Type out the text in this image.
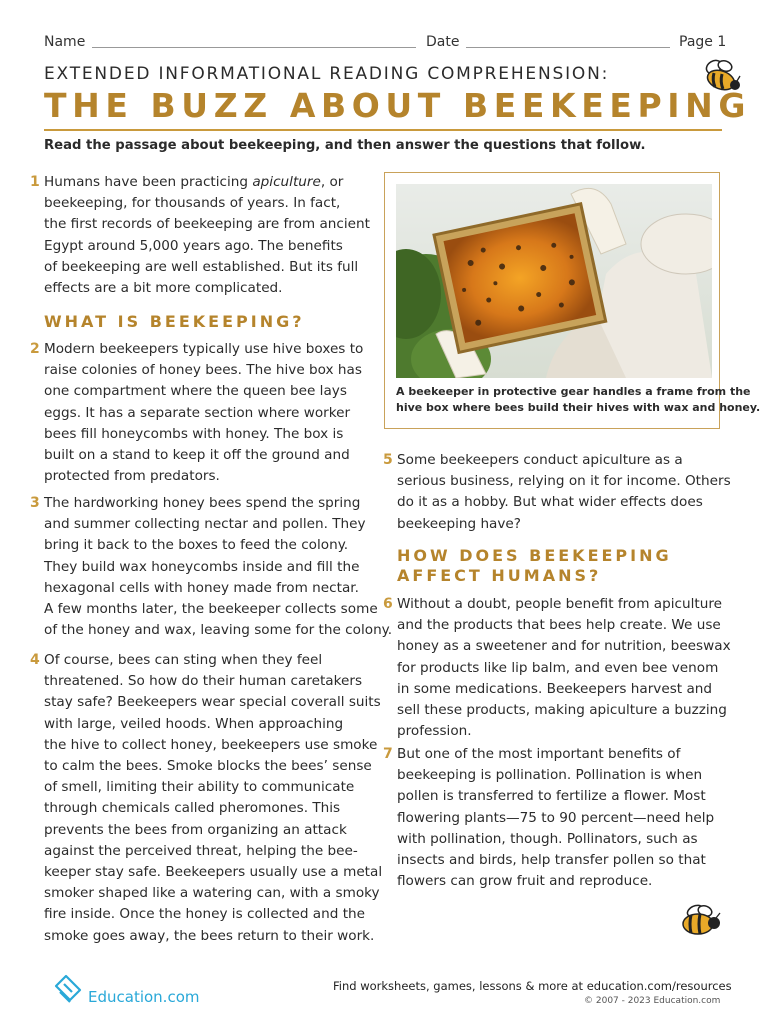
Name	Date	Page 1
EXTENDED INFORMATIONAL READING COMPREHENSION:
THE BUZZ ABOUT BEEKEEPING
Read the passage about beekeeping, and then answer the questions that follow.
1 Humans have been practicing apiculture, or
beekeeping, for thousands of years. In fact,
the first records of beekeeping are from ancient
Egypt around 5,000 years ago. The benefits
of beekeeping are well established. But its full
effects are a bit more complicated.
WHAT IS BEEKEEPING?
2 Modern beekeepers typically use hive boxes to
raise colonies of honey bees. The hive box has
one compartment where the queen bee lays
eggs. It has a separate section where worker
bees fill honeycombs with honey. The box is
built on a stand to keep it off the ground and
protected from predators.
3 The hardworking honey bees spend the spring
and summer collecting nectar and pollen. They
bring it back to the boxes to feed the colony.
They build wax honeycombs inside and fill the
hexagonal cells with honey made from nectar.
A few months later, the beekeeper collects some
of the honey and wax, leaving some for the colony.
4 Of course, bees can sting when they feel
threatened. So how do their human caretakers
stay safe? Beekeepers wear special coverall suits
with large, veiled hoods. When approaching
the hive to collect honey, beekeepers use smoke
to calm the bees. Smoke blocks the bees’ sense
of smell, limiting their ability to communicate
through chemicals called pheromones. This
prevents the bees from organizing an attack
against the perceived threat, helping the bee-
keeper stay safe. Beekeepers usually use a metal
smoker shaped like a watering can, with a smoky
fire inside. Once the honey is collected and the
smoke goes away, the bees return to their work.
A beekeeper in protective gear handles a frame from the
hive box where bees build their hives with wax and honey.
5 Some beekeepers conduct apiculture as a
serious business, relying on it for income. Others
do it as a hobby. But what wider effects does
beekeeping have?
HOW DOES BEEKEEPING
AFFECT HUMANS?
6 Without a doubt, people benefit from apiculture
and the products that bees help create. We use
honey as a sweetener and for nutrition, beeswax
for products like lip balm, and even bee venom
in some medications. Beekeepers harvest and
sell these products, making apiculture a buzzing
profession.
7 But one of the most important benefits of
beekeeping is pollination. Pollination is when
pollen is transferred to fertilize a flower. Most
flowering plants—75 to 90 percent—need help
with pollination, though. Pollinators, such as
insects and birds, help transfer pollen so that
flowers can grow fruit and reproduce.
Education.com
Find worksheets, games, lessons & more at education.com/resources
© 2007 - 2023 Education.com
